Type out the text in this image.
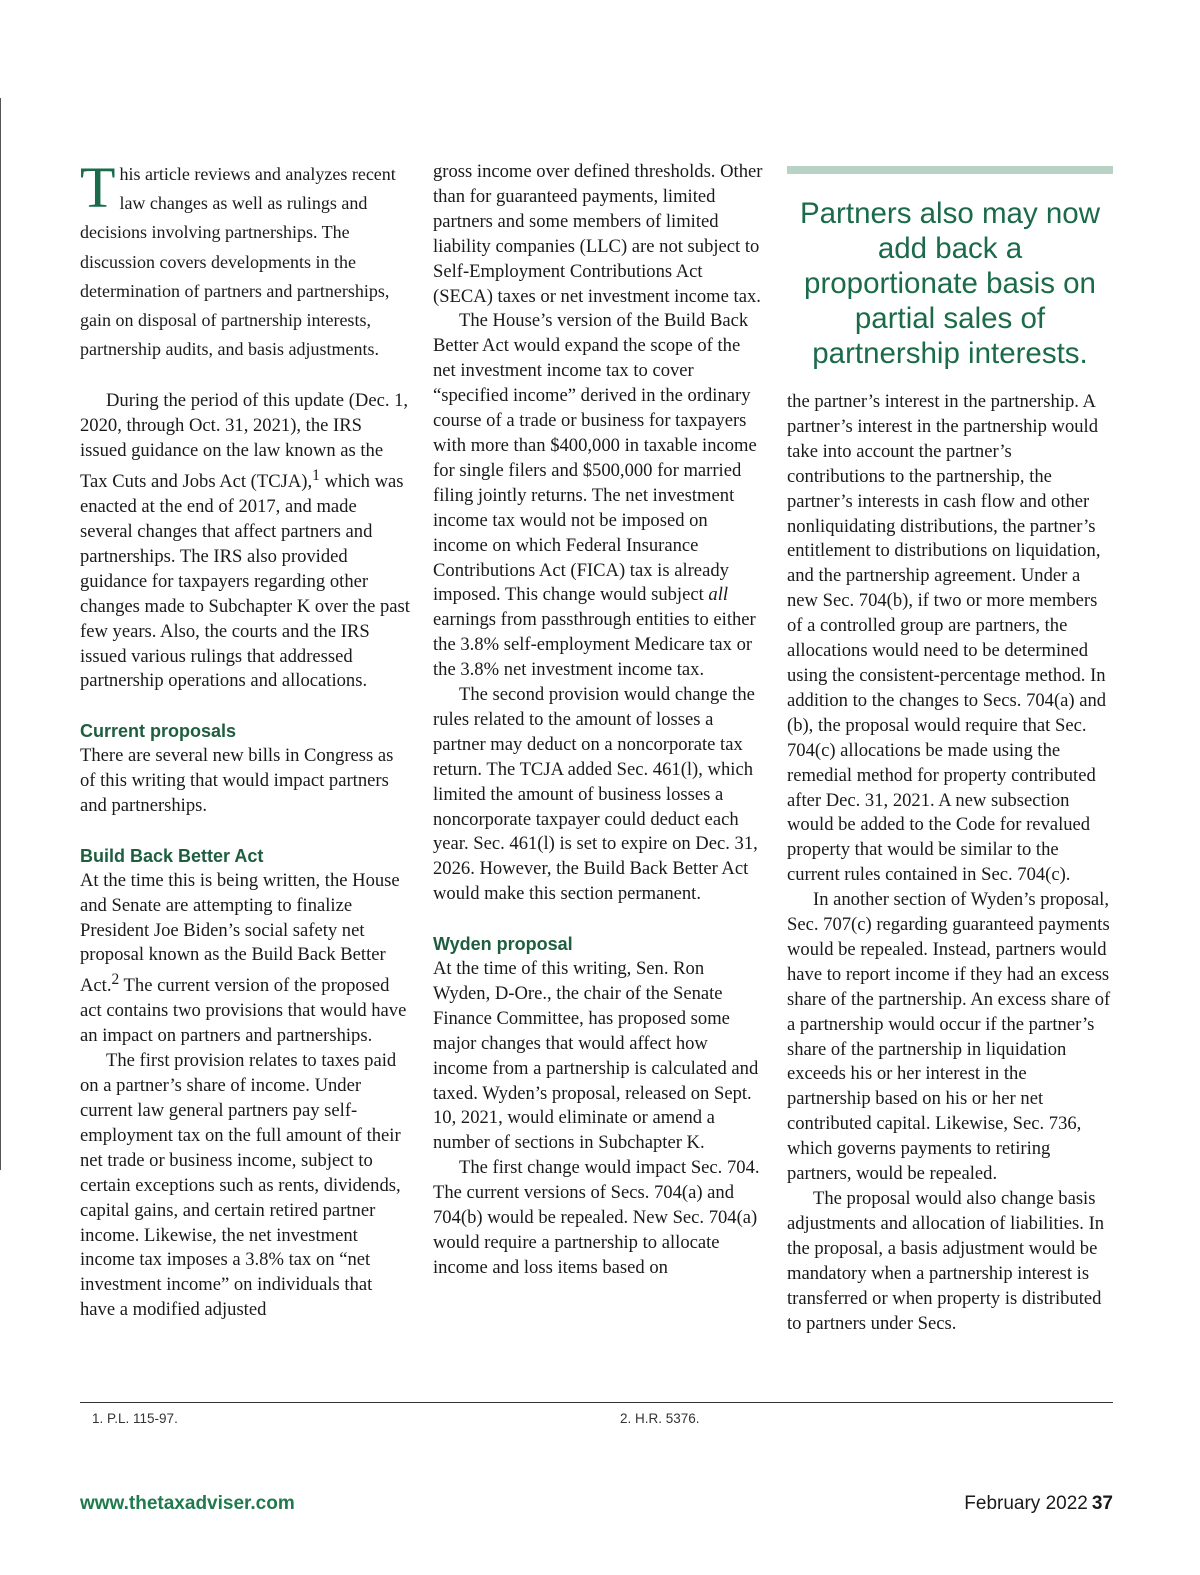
This article reviews and analyzes recent law changes as well as rulings and decisions involving partnerships. The discussion covers developments in the determination of partners and partnerships, gain on disposal of partnership interests, partnership audits, and basis adjustments.

During the period of this update (Dec. 1, 2020, through Oct. 31, 2021), the IRS issued guidance on the law known as the Tax Cuts and Jobs Act (TCJA),$^1$ which was enacted at the end of 2017, and made several changes that affect partners and partnerships. The IRS also provided guidance for taxpayers regarding other changes made to Subchapter K over the past few years. Also, the courts and the IRS issued various rulings that addressed partnership operations and allocations.

Current proposals

There are several new bills in Congress as of this writing that would impact partners and partnerships.

Build Back Better Act

At the time this is being written, the House and Senate are attempting to finalize President Joe Biden’s social safety net proposal known as the Build Back Better Act.$^2$ The current version of the proposed act contains two provisions that would have an impact on partners and partnerships.

The first provision relates to taxes paid on a partner’s share of income. Under current law general partners pay self-employment tax on the full amount of their net trade or business income, subject to certain exceptions such as rents, dividends, capital gains, and certain retired partner income. Likewise, the net investment income tax imposes a 3.8% tax on “net investment income” on individuals that have a modified adjusted

gross income over defined thresholds. Other than for guaranteed payments, limited partners and some members of limited liability companies (LLC) are not subject to Self-Employment Contributions Act (SECA) taxes or net investment income tax.

The House’s version of the Build Back Better Act would expand the scope of the net investment income tax to cover “specified income” derived in the ordinary course of a trade or business for taxpayers with more than $400,000 in taxable income for single filers and $500,000 for married filing jointly returns. The net investment income tax would not be imposed on income on which Federal Insurance Contributions Act (FICA) tax is already imposed. This change would subject all earnings from passthrough entities to either the 3.8% self-employment Medicare tax or the 3.8% net investment income tax.

The second provision would change the rules related to the amount of losses a partner may deduct on a noncorporate tax return. The TCJA added Sec. 461(l), which limited the amount of business losses a noncorporate taxpayer could deduct each year. Sec. 461(l) is set to expire on Dec. 31, 2026. However, the Build Back Better Act would make this section permanent.

Wyden proposal

At the time of this writing, Sen. Ron Wyden, D-Ore., the chair of the Senate Finance Committee, has proposed some major changes that would affect how income from a partnership is calculated and taxed. Wyden’s proposal, released on Sept. 10, 2021, would eliminate or amend a number of sections in Subchapter K.

The first change would impact Sec. 704. The current versions of Secs. 704(a) and 704(b) would be repealed. New Sec. 704(a) would require a partnership to allocate income and loss items based on

Partners also may now add back a proportionate basis on partial sales of partnership interests.

the partner’s interest in the partnership. A partner’s interest in the partnership would take into account the partner’s contributions to the partnership, the partner’s interests in cash flow and other nonliquidating distributions, the partner’s entitlement to distributions on liquidation, and the partnership agreement. Under a new Sec. 704(b), if two or more members of a controlled group are partners, the allocations would need to be determined using the consistent-percentage method. In addition to the changes to Secs. 704(a) and (b), the proposal would require that Sec. 704(c) allocations be made using the remedial method for property contributed after Dec. 31, 2021. A new subsection would be added to the Code for revalued property that would be similar to the current rules contained in Sec. 704(c).

In another section of Wyden’s proposal, Sec. 707(c) regarding guaranteed payments would be repealed. Instead, partners would have to report income if they had an excess share of the partnership. An excess share of a partnership would occur if the partner’s share of the partnership in liquidation exceeds his or her interest in the partnership based on his or her net contributed capital. Likewise, Sec. 736, which governs payments to retiring partners, would be repealed.

The proposal would also change basis adjustments and allocation of liabilities. In the proposal, a basis adjustment would be mandatory when a partnership interest is transferred or when property is distributed to partners under Secs.

1. P.L. 115-97.	2. H.R. 5376.
www.thetaxadviser.com	February 2022 37
